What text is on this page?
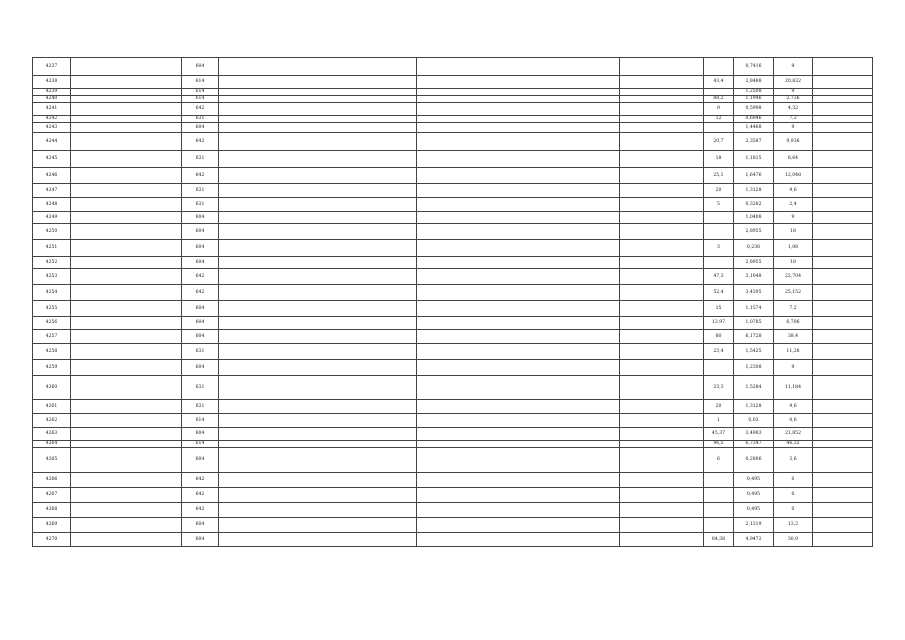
4237		604					0,7416	9	
4238		614				43,4	2,8488	20,832	
4239		614					1,2508	9	
4240		614				88,2	1,1946	2,736	
4241		642				9	0,5998	4,32	
4242		631				12	0,6946	7,2	
4243		604					1,4468	9	
4244		642				20,7	2,3587	9,936	
4245		631				18	1,1815	8,64	
4246		642				25,1	1,6476	12,048	
4247		631				20	1,3128	9,6	
4248		631				5	0,3282	2,4	
4249		604					1,0408	9	
4250		604					2,8955	18	
4251		604				3	0,236	1,08	
4252		604					2,8955	18	
4253		642				47,3	3,1048	22,704	
4254		642				52,4	3,4395	25,152	
4255		604				15	1,1574	7,2	
4256		604				13,97	1,0785	6,706	
4257		604				80	6,1728	38,4	
4258		631				23,4	1,5425	11,28	
4259		604					1,2308	9	
4260		631				23,3	1,5284	11,184	
4261		631				20	1,3128	9,6	
4262		614				1	0,03	0,6	
4263		604				45,37	3,4983	21,852	
4264		614				96,5	6,7347	46,32	
4265		604				6	0,2806	3,6	
4266		642					0,495	0	
4267		642					0,495	0	
4268		642					0,495	0	
4269		604					2,1319	13,2	
4270		604				84,38	4,9472	30,9	
